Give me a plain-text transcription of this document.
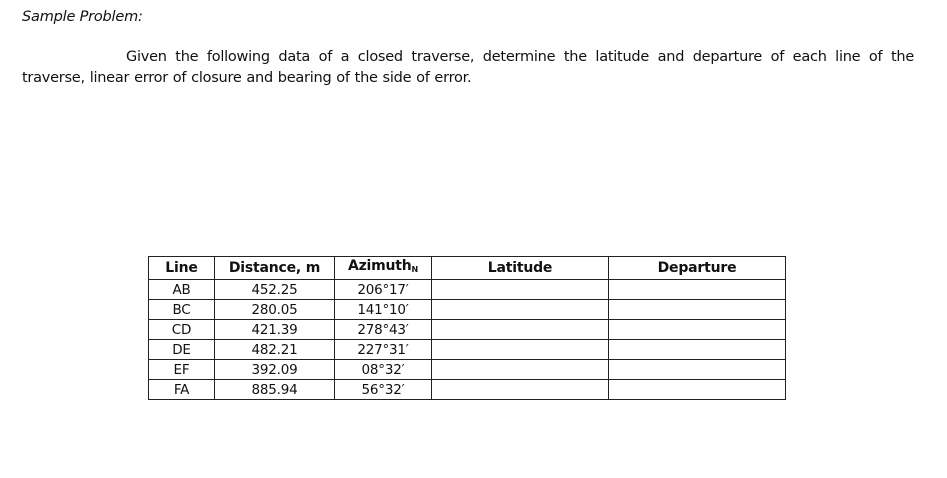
Sample Problem:

Given the following data of a closed traverse, determine the latitude and departure of each line of the traverse, linear error of closure and bearing of the side of error.

Line	Distance, m	Azimuth$_N$	Latitude	Departure
AB	452.25	206°17′		
BC	280.05	141°10′		
CD	421.39	278°43′		
DE	482.21	227°31′		
EF	392.09	08°32′		
FA	885.94	56°32′		
